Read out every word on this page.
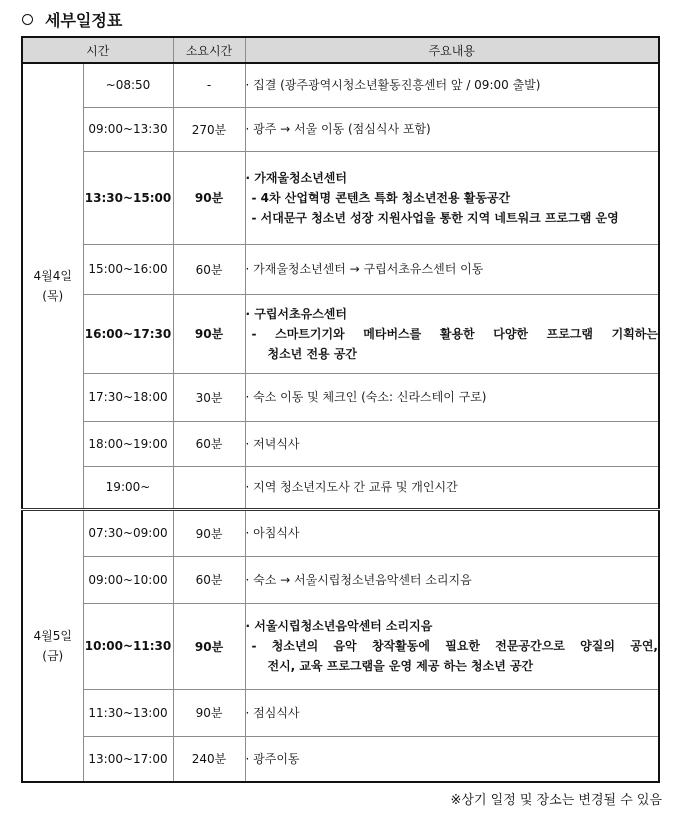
세부일정표
시간		소요시간	주요내용
4월4일
(목)	~08:50	-	· 집결 (광주광역시청소년활동진흥센터 앞 / 09:00 출발)

	09:00~13:30	270분	· 광주 → 서울 이동 (점심식사 포함)

	13:30~15:00	90분	· 가재울청소년센터
- 4차 산업혁명 콘텐츠 특화 청소년전용 활동공간
- 서대문구 청소년 성장 지원사업을 통한 지역 네트워크 프로그램 운영

	15:00~16:00	60분	· 가재울청소년센터 → 구립서초유스센터 이동

	16:00~17:30	90분	· 구립서초유스센터
- 스마트기기와 메타버스를 활용한 다양한 프로그램 기획하는
청소년 전용 공간

	17:30~18:00	30분	· 숙소 이동 및 체크인 (숙소: 신라스테이 구로)

	18:00~19:00	60분	· 저녁식사

	19:00~		· 지역 청소년지도사 간 교류 및 개인시간

4월5일
(금)	07:30~09:00	90분	· 아침식사

	09:00~10:00	60분	· 숙소 → 서울시립청소년음악센터 소리지음

	10:00~11:30	90분	· 서울시립청소년음악센터 소리지음
- 청소년의 음악 창작활동에 필요한 전문공간으로 양질의 공연,
전시, 교육 프로그램을 운영 제공 하는 청소년 공간

	11:30~13:00	90분	· 점심식사

	13:00~17:00	240분	· 광주이동
※상기 일정 및 장소는 변경될 수 있음
